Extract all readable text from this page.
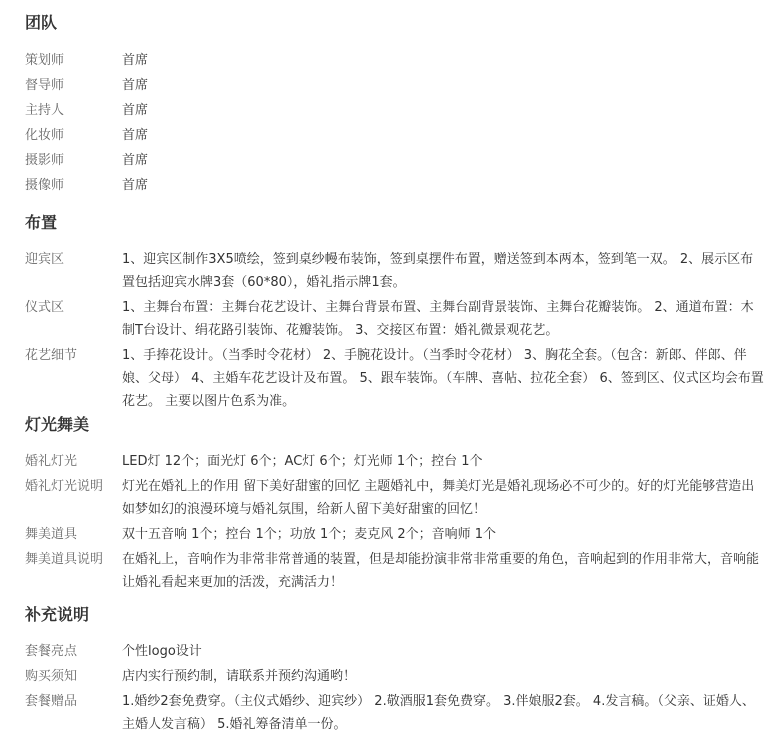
团队
策划师	首席
督导师	首席
主持人	首席
化妆师	首席
摄影师	首席
摄像师	首席
布置
迎宾区	1、迎宾区制作3X5喷绘，签到桌纱幔布装饰，签到桌摆件布置，赠送签到本两本，签到笔一双。 2、展示区布置包括迎宾水牌3套（60*80），婚礼指示牌1套。
仪式区	1、主舞台布置：主舞台花艺设计、主舞台背景布置、主舞台副背景装饰、主舞台花瓣装饰。 2、通道布置：木制T台设计、绢花路引装饰、花瓣装饰。 3、交接区布置：婚礼微景观花艺。
花艺细节	1、手捧花设计。（当季时令花材） 2、手腕花设计。（当季时令花材） 3、胸花全套。（包含：新郎、伴郎、伴娘、父母） 4、主婚车花艺设计及布置。 5、跟车装饰。（车牌、喜帖、拉花全套） 6、签到区、仪式区均会布置花艺。 主要以图片色系为准。
灯光舞美
婚礼灯光	LED灯 12个；面光灯 6个；AC灯 6个；灯光师 1个；控台 1个
婚礼灯光说明	灯光在婚礼上的作用 留下美好甜蜜的回忆 主题婚礼中，舞美灯光是婚礼现场必不可少的。好的灯光能够营造出如梦如幻的浪漫环境与婚礼氛围，给新人留下美好甜蜜的回忆！
舞美道具	双十五音响 1个；控台 1个；功放 1个；麦克风 2个；音响师 1个
舞美道具说明	在婚礼上，音响作为非常非常普通的装置，但是却能扮演非常非常重要的角色，音响起到的作用非常大，音响能让婚礼看起来更加的活泼，充满活力！
补充说明
套餐亮点	个性logo设计
购买须知	店内实行预约制，请联系并预约沟通哟！
套餐赠品	1.婚纱2套免费穿。（主仪式婚纱、迎宾纱） 2.敬酒服1套免费穿。 3.伴娘服2套。 4.发言稿。（父亲、证婚人、主婚人发言稿） 5.婚礼筹备清单一份。
